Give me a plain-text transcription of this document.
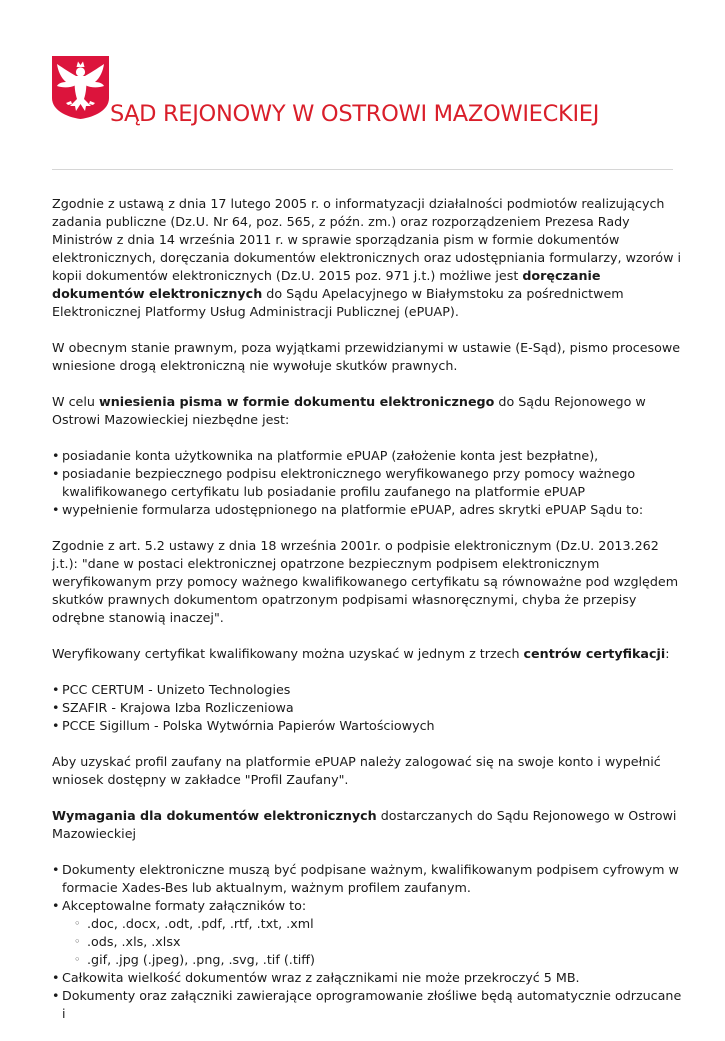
SĄD REJONOWY W OSTROWI MAZOWIECKIEJ

Zgodnie z ustawą z dnia 17 lutego 2005 r. o informatyzacji działalności podmiotów realizujących zadania publiczne (Dz.U. Nr 64, poz. 565, z późn. zm.) oraz rozporządzeniem Prezesa Rady Ministrów z dnia 14 września 2011 r. w sprawie sporządzania pism w formie dokumentów elektronicznych, doręczania dokumentów elektronicznych oraz udostępniania formularzy, wzorów i kopii dokumentów elektronicznych (Dz.U. 2015 poz. 971 j.t.) możliwe jest doręczanie dokumentów elektronicznych do Sądu Apelacyjnego w Białymstoku za pośrednictwem Elektronicznej Platformy Usług Administracji Publicznej (ePUAP).

W obecnym stanie prawnym, poza wyjątkami przewidzianymi w ustawie (E-Sąd), pismo procesowe wniesione drogą elektroniczną nie wywołuje skutków prawnych.

W celu wniesienia pisma w formie dokumentu elektronicznego do Sądu Rejonowego w Ostrowi Mazowieckiej niezbędne jest:

• posiadanie konta użytkownika na platformie ePUAP (założenie konta jest bezpłatne),
• posiadanie bezpiecznego podpisu elektronicznego weryfikowanego przy pomocy ważnego kwalifikowanego certyfikatu lub posiadanie profilu zaufanego na platformie ePUAP
• wypełnienie formularza udostępnionego na platformie ePUAP, adres skrytki ePUAP Sądu to:

Zgodnie z art. 5.2 ustawy z dnia 18 września 2001r. o podpisie elektronicznym (Dz.U. 2013.262 j.t.): "dane w postaci elektronicznej opatrzone bezpiecznym podpisem elektronicznym weryfikowanym przy pomocy ważnego kwalifikowanego certyfikatu są równoważne pod względem skutków prawnych dokumentom opatrzonym podpisami własnoręcznymi, chyba że przepisy odrębne stanowią inaczej".

Weryfikowany certyfikat kwalifikowany można uzyskać w jednym z trzech centrów certyfikacji:

• PCC CERTUM - Unizeto Technologies
• SZAFIR - Krajowa Izba Rozliczeniowa
• PCCE Sigillum - Polska Wytwórnia Papierów Wartościowych

Aby uzyskać profil zaufany na platformie ePUAP należy zalogować się na swoje konto i wypełnić wniosek dostępny w zakładce "Profil Zaufany".

Wymagania dla dokumentów elektronicznych dostarczanych do Sądu Rejonowego w Ostrowi Mazowieckiej

• Dokumenty elektroniczne muszą być podpisane ważnym, kwalifikowanym podpisem cyfrowym w formacie Xades-Bes lub aktualnym, ważnym profilem zaufanym.
• Akceptowalne formaty załączników to:
◦ .doc, .docx, .odt, .pdf, .rtf, .txt, .xml
◦ .ods, .xls, .xlsx
◦ .gif, .jpg (.jpeg), .png, .svg, .tif (.tiff)
• Całkowita wielkość dokumentów wraz z załącznikami nie może przekroczyć 5 MB.
• Dokumenty oraz załączniki zawierające oprogramowanie złośliwe będą automatycznie odrzucane i
